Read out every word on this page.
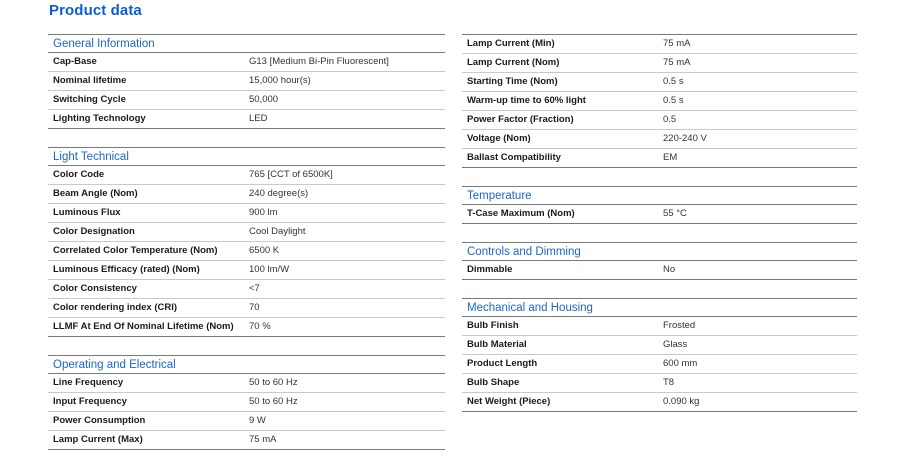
Product data
General Information
Cap-Base	G13 [Medium Bi-Pin Fluorescent]
Nominal lifetime	15,000 hour(s)
Switching Cycle	50,000
Lighting Technology	LED
Light Technical
Color Code	765 [CCT of 6500K]
Beam Angle (Nom)	240 degree(s)
Luminous Flux	900 lm
Color Designation	Cool Daylight
Correlated Color Temperature (Nom)	6500 K
Luminous Efficacy (rated) (Nom)	100 lm/W
Color Consistency	<7
Color rendering index (CRI)	70
LLMF At End Of Nominal Lifetime (Nom)	70 %
Operating and Electrical
Line Frequency	50 to 60 Hz
Input Frequency	50 to 60 Hz
Power Consumption	9 W
Lamp Current (Max)	75 mA
Lamp Current (Min)	75 mA
Lamp Current (Nom)	75 mA
Starting Time (Nom)	0.5 s
Warm-up time to 60% light	0.5 s
Power Factor (Fraction)	0.5
Voltage (Nom)	220-240 V
Ballast Compatibility	EM
Temperature
T-Case Maximum (Nom)	55 °C
Controls and Dimming
Dimmable	No
Mechanical and Housing
Bulb Finish	Frosted
Bulb Material	Glass
Product Length	600 mm
Bulb Shape	T8
Net Weight (Piece)	0.090 kg
